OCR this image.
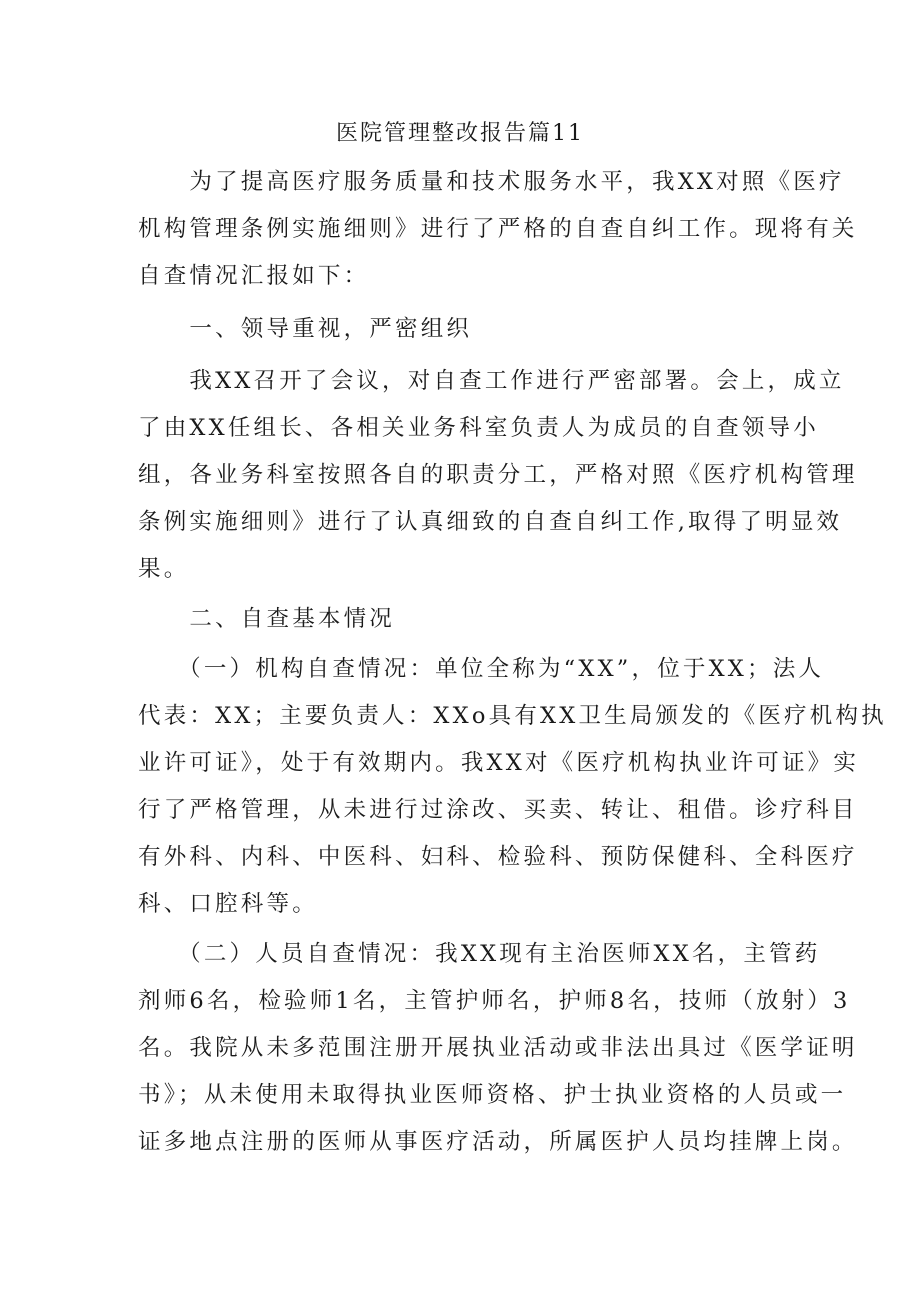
医院管理整改报告篇11
　　为了提高医疗服务质量和技术服务水平，我XX对照《医疗
机构管理条例实施细则》进行了严格的自查自纠工作。现将有关
自查情况汇报如下：
　　一、领导重视，严密组织
　　我XX召开了会议，对自查工作进行严密部署。会上，成立
了由XX任组长、各相关业务科室负责人为成员的自查领导小
组，各业务科室按照各自的职责分工，严格对照《医疗机构管理
条例实施细则》进行了认真细致的自查自纠工作,取得了明显效
果。
　　二、自查基本情况
　　（一）机构自查情况：单位全称为“XX”，位于XX；法人
代表：XX；主要负责人：XXo具有XX卫生局颁发的《医疗机构执
业许可证》，处于有效期内。我XX对《医疗机构执业许可证》实
行了严格管理，从未进行过涂改、买卖、转让、租借。诊疗科目
有外科、内科、中医科、妇科、检验科、预防保健科、全科医疗
科、口腔科等。
　　（二）人员自查情况：我XX现有主治医师XX名，主管药
剂师6名，检验师1名，主管护师名，护师8名，技师（放射）3
名。我院从未多范围注册开展执业活动或非法出具过《医学证明
书》；从未使用未取得执业医师资格、护士执业资格的人员或一
证多地点注册的医师从事医疗活动，所属医护人员均挂牌上岗。
